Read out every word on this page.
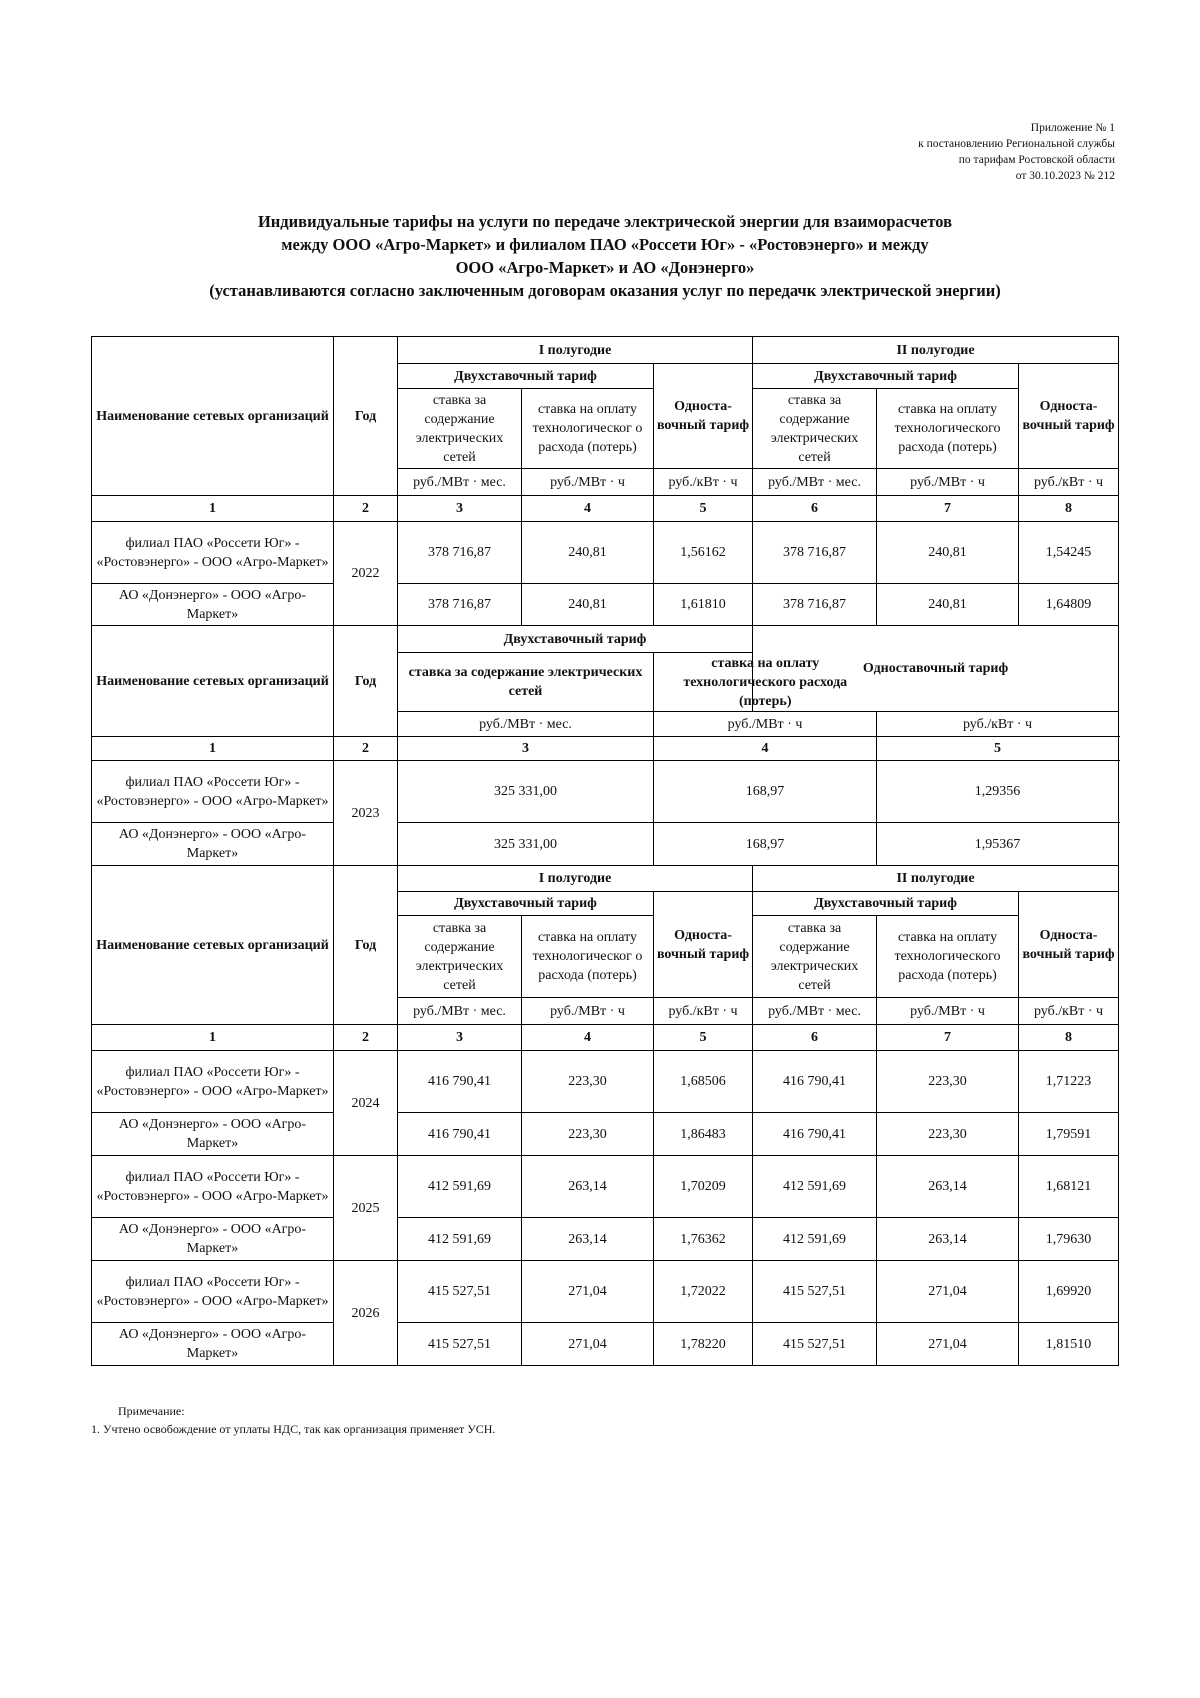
Приложение № 1
к постановлению Региональной службы
по тарифам Ростовской области
от 30.10.2023 № 212
Индивидуальные тарифы на услуги по передаче электрической энергии для взаиморасчетов
между ООО «Агро-Маркет» и филиалом ПАО «Россети Юг» - «Ростовэнерго» и между
ООО «Агро-Маркет» и АО «Донэнерго»
(устанавливаются согласно заключенным договорам оказания услуг по передачк электрической энергии)
Наименование сетевых организаций	Год	I полугодие			II полугодие		
		Двухставочный тариф		Односта-вочный тариф	Двухставочный тариф		Односта-вочный тариф
		ставка за содержание электрических сетей	ставка на оплату технологическог о расхода (потерь)		ставка за содержание электрических сетей	ставка на оплату технологического расхода (потерь)	
		руб./МВт · мес.	руб./МВт · ч	руб./кВт · ч	руб./МВт · мес.	руб./МВт · ч	руб./кВт · ч
1	2	3	4	5	6	7	8
филиал ПАО «Россети Юг» - «Ростовэнерго» - ООО «Агро-Маркет»	2022	378 716,87	240,81	1,56162	378 716,87	240,81	1,54245
АО «Донэнерго» - ООО «Агро-Маркет»		378 716,87	240,81	1,61810	378 716,87	240,81	1,64809
Наименование сетевых организаций	Год	Двухставочный тариф			Одноставочный тариф		
		ставка за содержание электрических сетей		ставка на оплату технологического расхода (потерь)			
		руб./МВт · мес.		руб./МВт · ч		руб./кВт · ч	
1	2	3		4		5	
филиал ПАО «Россети Юг» - «Ростовэнерго» - ООО «Агро-Маркет»	2023	325 331,00		168,97		1,29356	
АО «Донэнерго» - ООО «Агро-Маркет»		325 331,00		168,97		1,95367	
Наименование сетевых организаций	Год	I полугодие			II полугодие		
		Двухставочный тариф		Односта-вочный тариф	Двухставочный тариф		Односта-вочный тариф
		ставка за содержание электрических сетей	ставка на оплату технологическог о расхода (потерь)		ставка за содержание электрических сетей	ставка на оплату технологического расхода (потерь)	
		руб./МВт · мес.	руб./МВт · ч	руб./кВт · ч	руб./МВт · мес.	руб./МВт · ч	руб./кВт · ч
1	2	3	4	5	6	7	8
филиал ПАО «Россети Юг» - «Ростовэнерго» - ООО «Агро-Маркет»	2024	416 790,41	223,30	1,68506	416 790,41	223,30	1,71223
АО «Донэнерго» - ООО «Агро-Маркет»		416 790,41	223,30	1,86483	416 790,41	223,30	1,79591
филиал ПАО «Россети Юг» - «Ростовэнерго» - ООО «Агро-Маркет»	2025	412 591,69	263,14	1,70209	412 591,69	263,14	1,68121
АО «Донэнерго» - ООО «Агро-Маркет»		412 591,69	263,14	1,76362	412 591,69	263,14	1,79630
филиал ПАО «Россети Юг» - «Ростовэнерго» - ООО «Агро-Маркет»	2026	415 527,51	271,04	1,72022	415 527,51	271,04	1,69920
АО «Донэнерго» - ООО «Агро-Маркет»		415 527,51	271,04	1,78220	415 527,51	271,04	1,81510
Примечание:
1. Учтено освобождение от уплаты НДС, так как организация применяет УСН.
